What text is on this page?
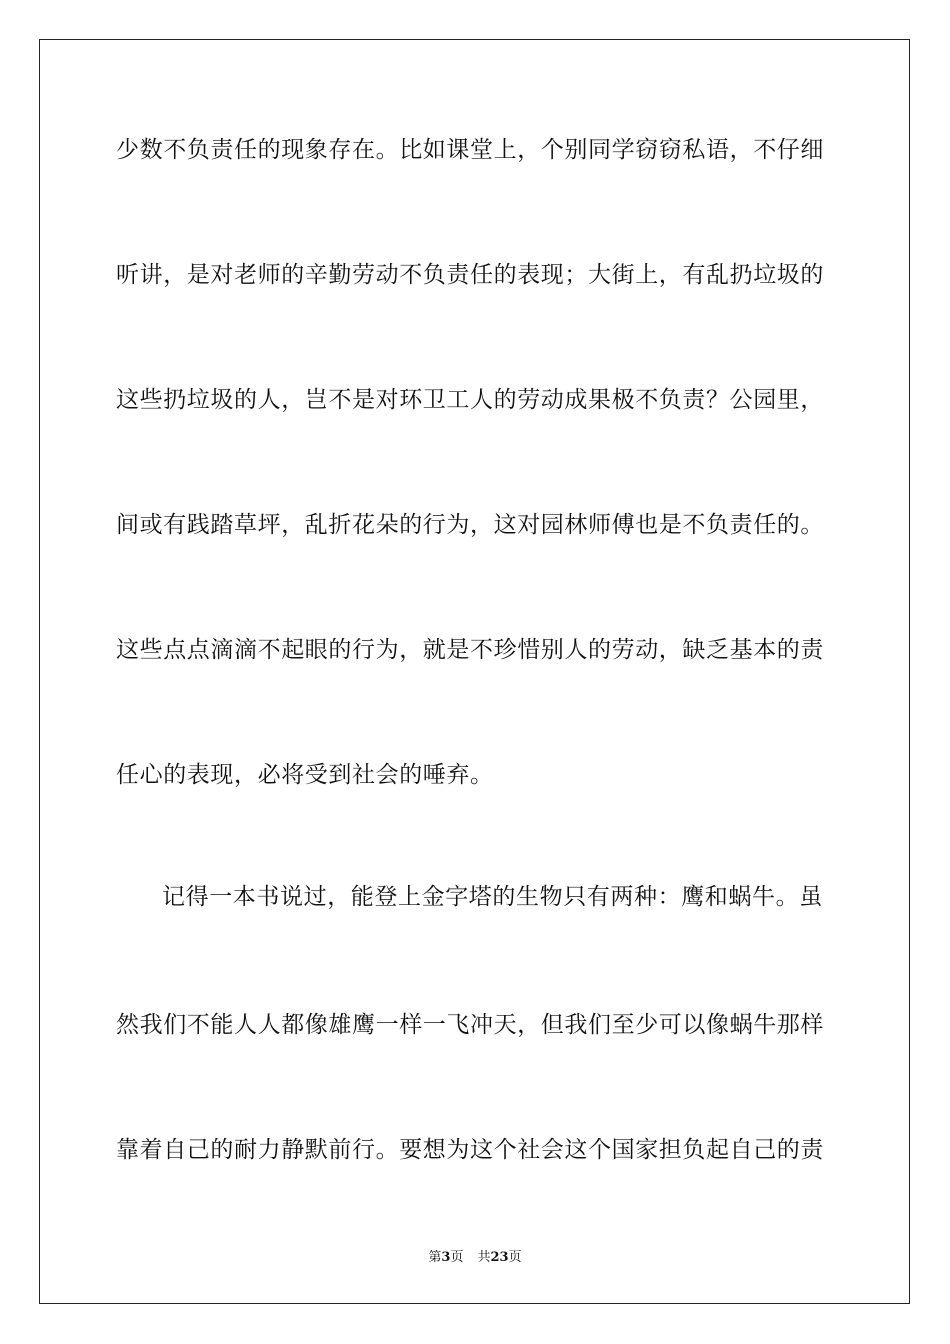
少数不负责任的现象存在。比如课堂上，个别同学窃窃私语，不仔细
听讲，是对老师的辛勤劳动不负责任的表现；大街上，有乱扔垃圾的
这些扔垃圾的人，岂不是对环卫工人的劳动成果极不负责？公园里，
间或有践踏草坪，乱折花朵的行为，这对园林师傅也是不负责任的。
这些点点滴滴不起眼的行为，就是不珍惜别人的劳动，缺乏基本的责
任心的表现，必将受到社会的唾弃。
记得一本书说过，能登上金字塔的生物只有两种：鹰和蜗牛。虽
然我们不能人人都像雄鹰一样一飞冲天，但我们至少可以像蜗牛那样
靠着自己的耐力静默前行。要想为这个社会这个国家担负起自己的责
第3页 共23页
